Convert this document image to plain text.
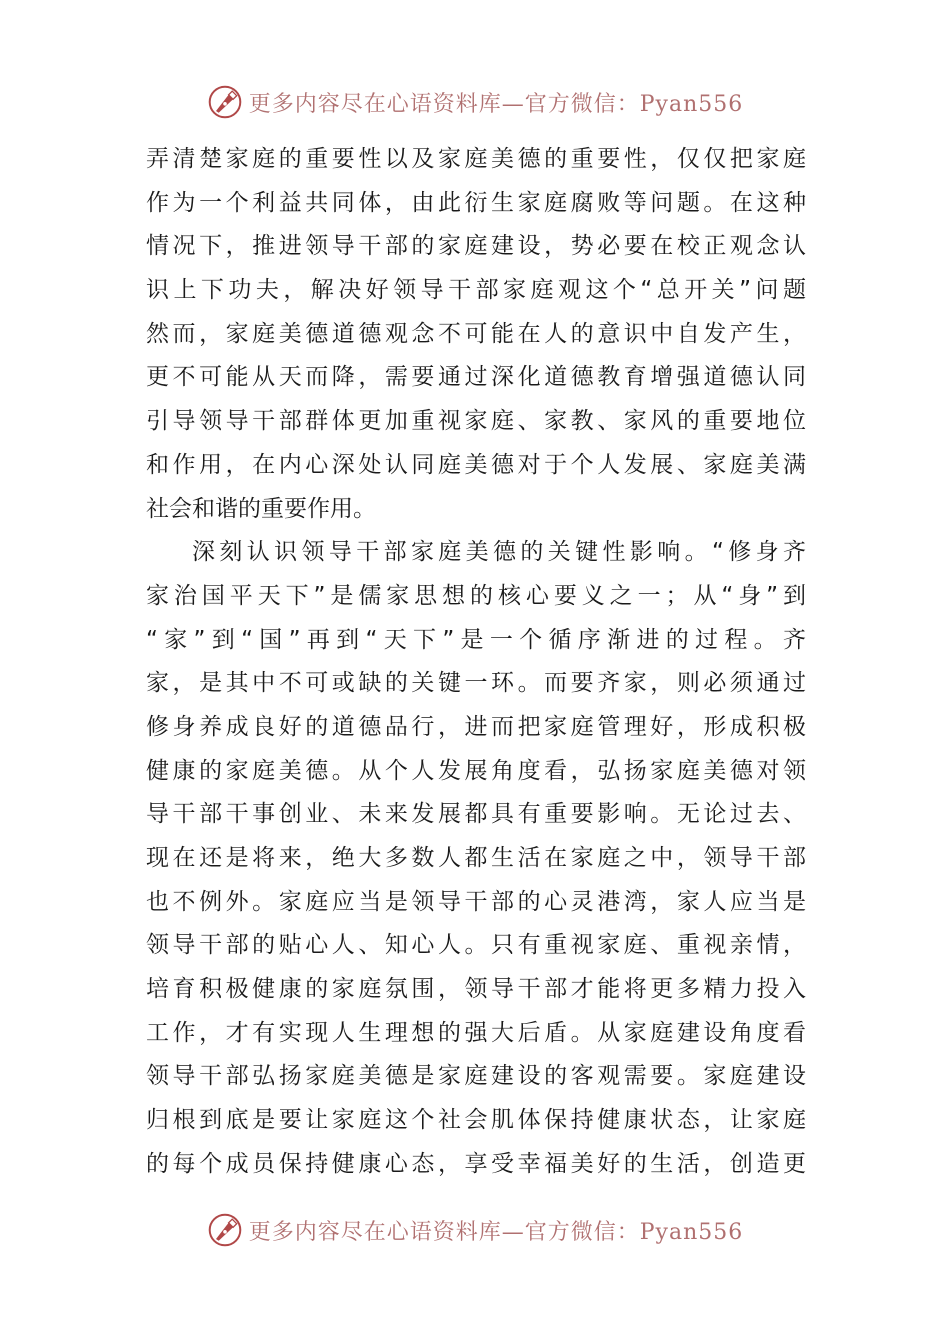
更多内容尽在心语资料库—官方微信：Pyan556
弄清楚家庭的重要性以及家庭美德的重要性，仅仅把家庭
作为一个利益共同体，由此衍生家庭腐败等问题。在这种
情况下，推进领导干部的家庭建设，势必要在校正观念认
识上下功夫，解决好领导干部家庭观这个“总开关”问题
然而，家庭美德道德观念不可能在人的意识中自发产生，
更不可能从天而降，需要通过深化道德教育增强道德认同
引导领导干部群体更加重视家庭、家教、家风的重要地位
和作用，在内心深处认同庭美德对于个人发展、家庭美满
社会和谐的重要作用。
深刻认识领导干部家庭美德的关键性影响。“修身齐
家治国平天下”是儒家思想的核心要义之一；从“身”到
“家”到“国”再到“天下”是一个循序渐进的过程。齐
家，是其中不可或缺的关键一环。而要齐家，则必须通过
修身养成良好的道德品行，进而把家庭管理好，形成积极
健康的家庭美德。从个人发展角度看，弘扬家庭美德对领
导干部干事创业、未来发展都具有重要影响。无论过去、
现在还是将来，绝大多数人都生活在家庭之中，领导干部
也不例外。家庭应当是领导干部的心灵港湾，家人应当是
领导干部的贴心人、知心人。只有重视家庭、重视亲情，
培育积极健康的家庭氛围，领导干部才能将更多精力投入
工作，才有实现人生理想的强大后盾。从家庭建设角度看
领导干部弘扬家庭美德是家庭建设的客观需要。家庭建设
归根到底是要让家庭这个社会肌体保持健康状态，让家庭
的每个成员保持健康心态，享受幸福美好的生活，创造更
更多内容尽在心语资料库—官方微信：Pyan556
